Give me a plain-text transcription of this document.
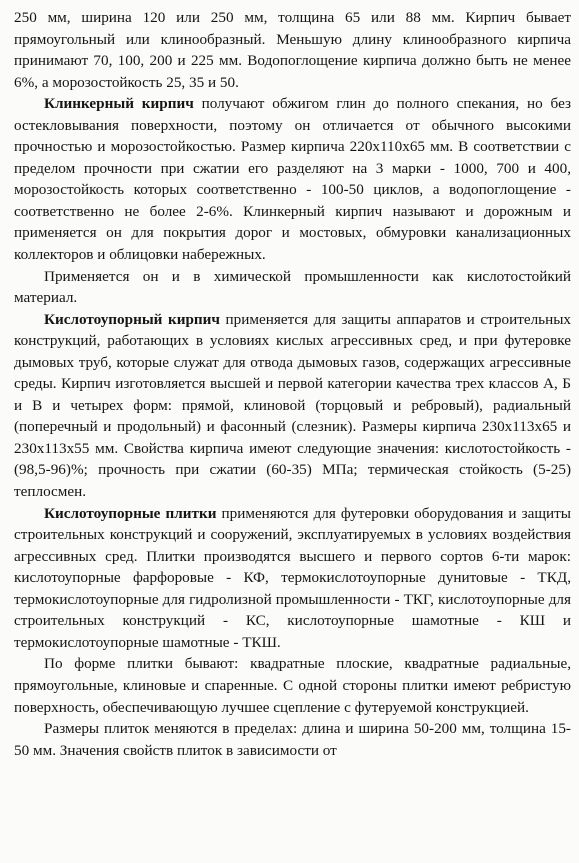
250 мм, ширина 120 или 250 мм, толщина 65 или 88 мм. Кирпич бывает прямоугольный или клинообразный. Меньшую длину клинообразного кирпича принимают 70, 100, 200 и 225 мм. Водопоглощение кирпича должно быть не менее 6%, а морозостойкость 25, 35 и 50.

Клинкерный кирпич получают обжигом глин до полного спекания, но без остекловывания поверхности, поэтому он отличается от обычного высокими прочностью и морозостойкостью. Размер кирпича 220х110х65 мм. В соответствии с пределом прочности при сжатии его разделяют на 3 марки - 1000, 700 и 400, морозостойкость которых соответственно - 100-50 циклов, а водопоглощение - соответственно не более 2-6%. Клинкерный кирпич называют и дорожным и применяется он для покрытия дорог и мостовых, обмуровки канализационных коллекторов и облицовки набережных.

Применяется он и в химической промышленности как кислотостойкий материал.

Кислотоупорный кирпич применяется для защиты аппаратов и строительных конструкций, работающих в условиях кислых агрессивных сред, и при футеровке дымовых труб, которые служат для отвода дымовых газов, содержащих агрессивные среды. Кирпич изготовляется высшей и первой категории качества трех классов А, Б и В и четырех форм: прямой, клиновой (торцовый и ребровый), радиальный (поперечный и продольный) и фасонный (слезник). Размеры кирпича 230х113х65 и 230х113х55 мм. Свойства кирпича имеют следующие значения: кислотостойкость - (98,5-96)%; прочность при сжатии (60-35) МПа; термическая стойкость (5-25) теплосмен.

Кислотоупорные плитки применяются для футеровки оборудования и защиты строительных конструкций и сооружений, эксплуатируемых в условиях воздействия агрессивных сред. Плитки производятся высшего и первого сортов 6-ти марок: кислотоупорные фарфоровые - КФ, термокислотоупорные дунитовые - ТКД, термокислотоупорные для гидролизной промышленности - ТКГ, кислотоупорные для строительных конструкций - КС, кислотоупорные шамотные - КШ и термокислотоупорные шамотные - ТКШ.

По форме плитки бывают: квадратные плоские, квадратные радиальные, прямоугольные, клиновые и спаренные. С одной стороны плитки имеют ребристую поверхность, обеспечивающую лучшее сцепление с футеруемой конструкцией.

Размеры плиток меняются в пределах: длина и ширина 50-200 мм, толщина 15-50 мм. Значения свойств плиток в зависимости от
